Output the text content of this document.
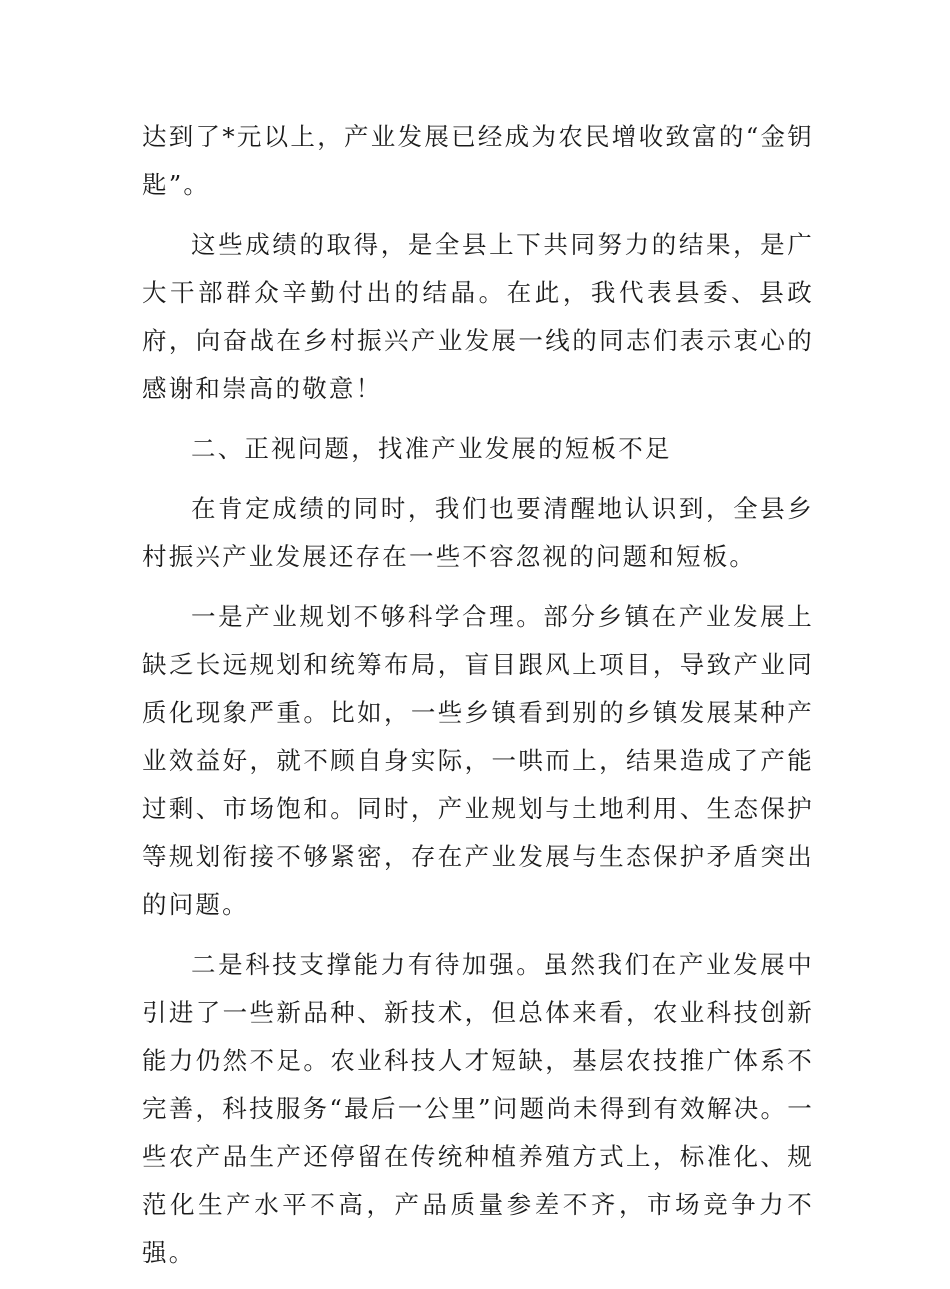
达到了*元以上，产业发展已经成为农民增收致富的“金钥匙”。

这些成绩的取得，是全县上下共同努力的结果，是广大干部群众辛勤付出的结晶。在此，我代表县委、县政府，向奋战在乡村振兴产业发展一线的同志们表示衷心的感谢和崇高的敬意！

二、正视问题，找准产业发展的短板不足

在肯定成绩的同时，我们也要清醒地认识到，全县乡村振兴产业发展还存在一些不容忽视的问题和短板。

一是产业规划不够科学合理。部分乡镇在产业发展上缺乏长远规划和统筹布局，盲目跟风上项目，导致产业同质化现象严重。比如，一些乡镇看到别的乡镇发展某种产业效益好，就不顾自身实际，一哄而上，结果造成了产能过剩、市场饱和。同时，产业规划与土地利用、生态保护等规划衔接不够紧密，存在产业发展与生态保护矛盾突出的问题。

二是科技支撑能力有待加强。虽然我们在产业发展中引进了一些新品种、新技术，但总体来看，农业科技创新能力仍然不足。农业科技人才短缺，基层农技推广体系不完善，科技服务“最后一公里”问题尚未得到有效解决。一些农产品生产还停留在传统种植养殖方式上，标准化、规范化生产水平不高，产品质量参差不齐，市场竞争力不强。
